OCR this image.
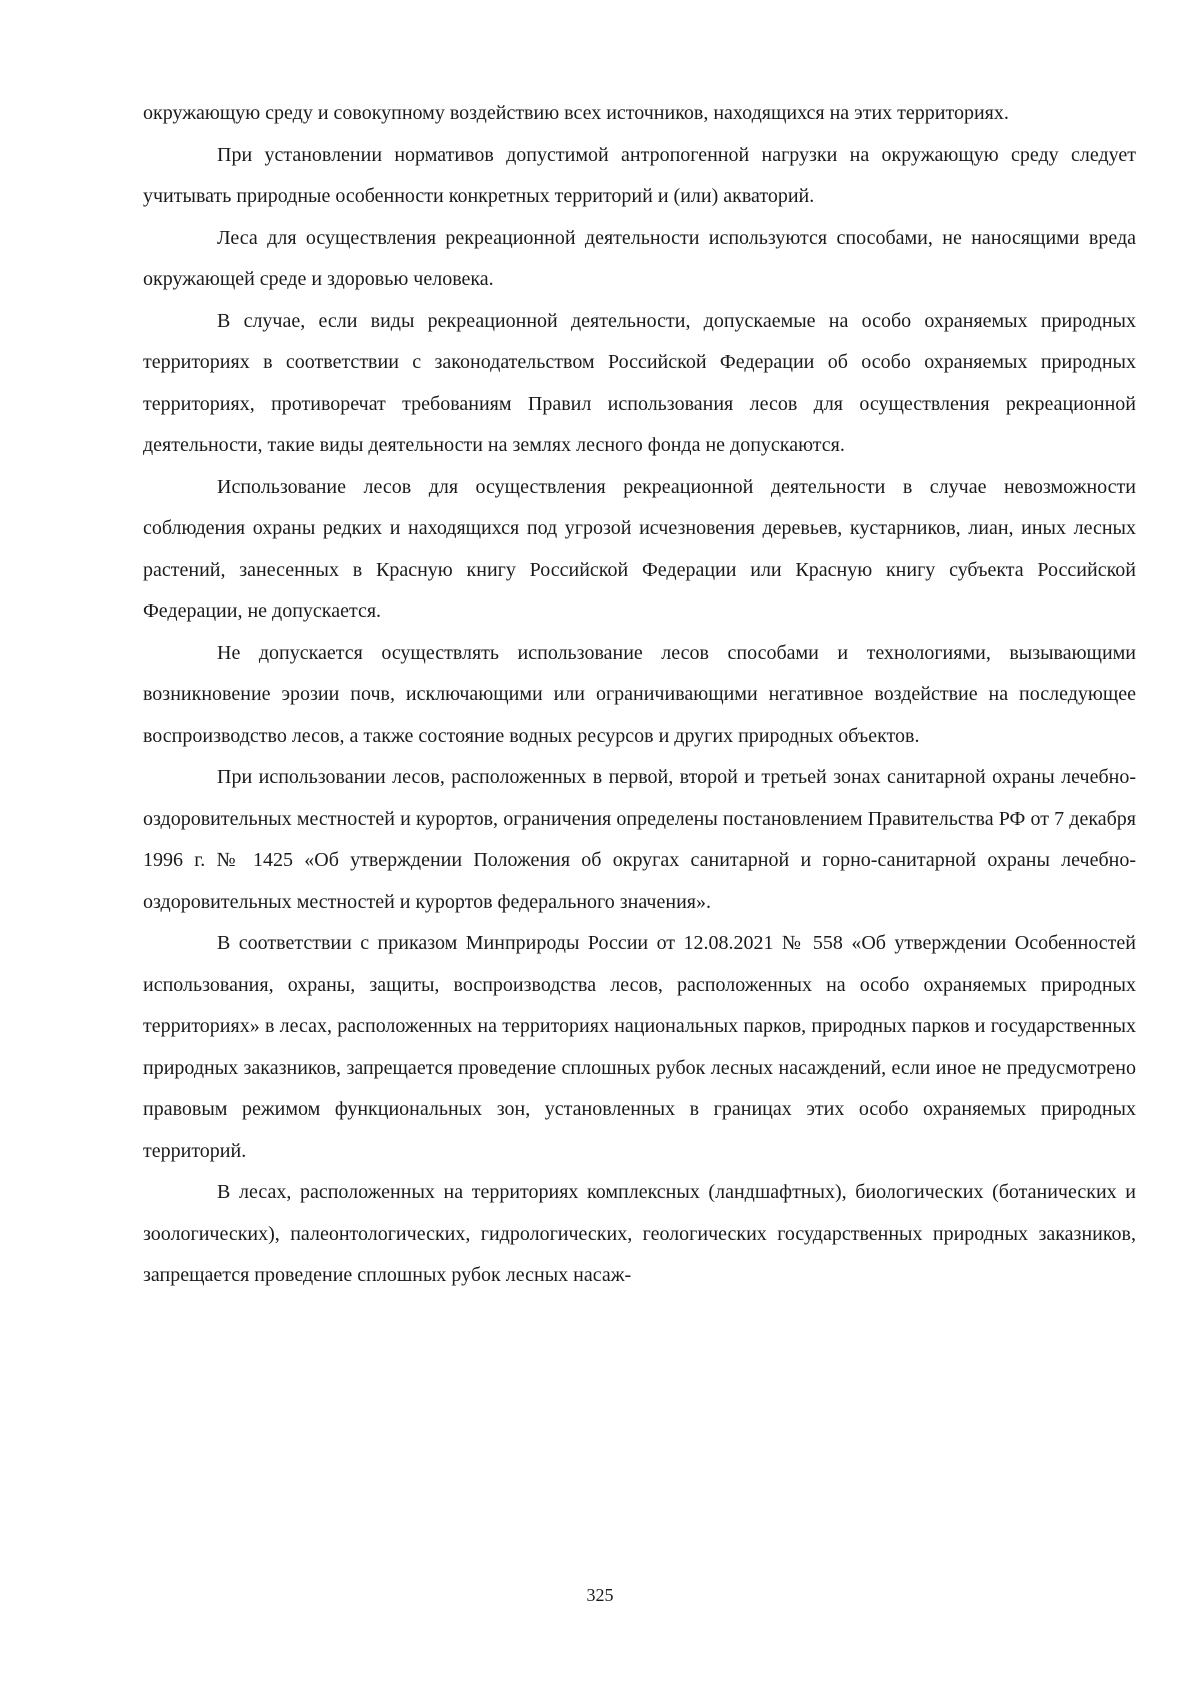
окружающую среду и совокупному воздействию всех источников, находящихся на этих территориях.

При установлении нормативов допустимой антропогенной нагрузки на окружающую среду следует учитывать природные особенности конкретных территорий и (или) акваторий.

Леса для осуществления рекреационной деятельности используются способами, не наносящими вреда окружающей среде и здоровью человека.

В случае, если виды рекреационной деятельности, допускаемые на особо охраняемых природных территориях в соответствии с законодательством Российской Федерации об особо охраняемых природных территориях, противоречат требованиям Правил использования лесов для осуществления рекреационной деятельности, такие виды деятельности на землях лесного фонда не допускаются.

Использование лесов для осуществления рекреационной деятельности в случае невозможности соблюдения охраны редких и находящихся под угрозой исчезновения деревьев, кустарников, лиан, иных лесных растений, занесенных в Красную книгу Российской Федерации или Красную книгу субъекта Российской Федерации, не допускается.

Не допускается осуществлять использование лесов способами и технологиями, вызывающими возникновение эрозии почв, исключающими или ограничивающими негативное воздействие на последующее воспроизводство лесов, а также состояние водных ресурсов и других природных объектов.

При использовании лесов, расположенных в первой, второй и третьей зонах санитарной охраны лечебно-оздоровительных местностей и курортов, ограничения определены постановлением Правительства РФ от 7 декабря 1996 г. № 1425 «Об утверждении Положения об округах санитарной и горно-санитарной охраны лечебно-оздоровительных местностей и курортов федерального значения».

В соответствии с приказом Минприроды России от 12.08.2021 № 558 «Об утверждении Особенностей использования, охраны, защиты, воспроизводства лесов, расположенных на особо охраняемых природных территориях» в лесах, расположенных на территориях национальных парков, природных парков и государственных природных заказников, запрещается проведение сплошных рубок лесных насаждений, если иное не предусмотрено правовым режимом функциональных зон, установленных в границах этих особо охраняемых природных территорий.

В лесах, расположенных на территориях комплексных (ландшафтных), биологических (ботанических и зоологических), палеонтологических, гидрологических, геологических государственных природных заказников, запрещается проведение сплошных рубок лесных насаж-

325
